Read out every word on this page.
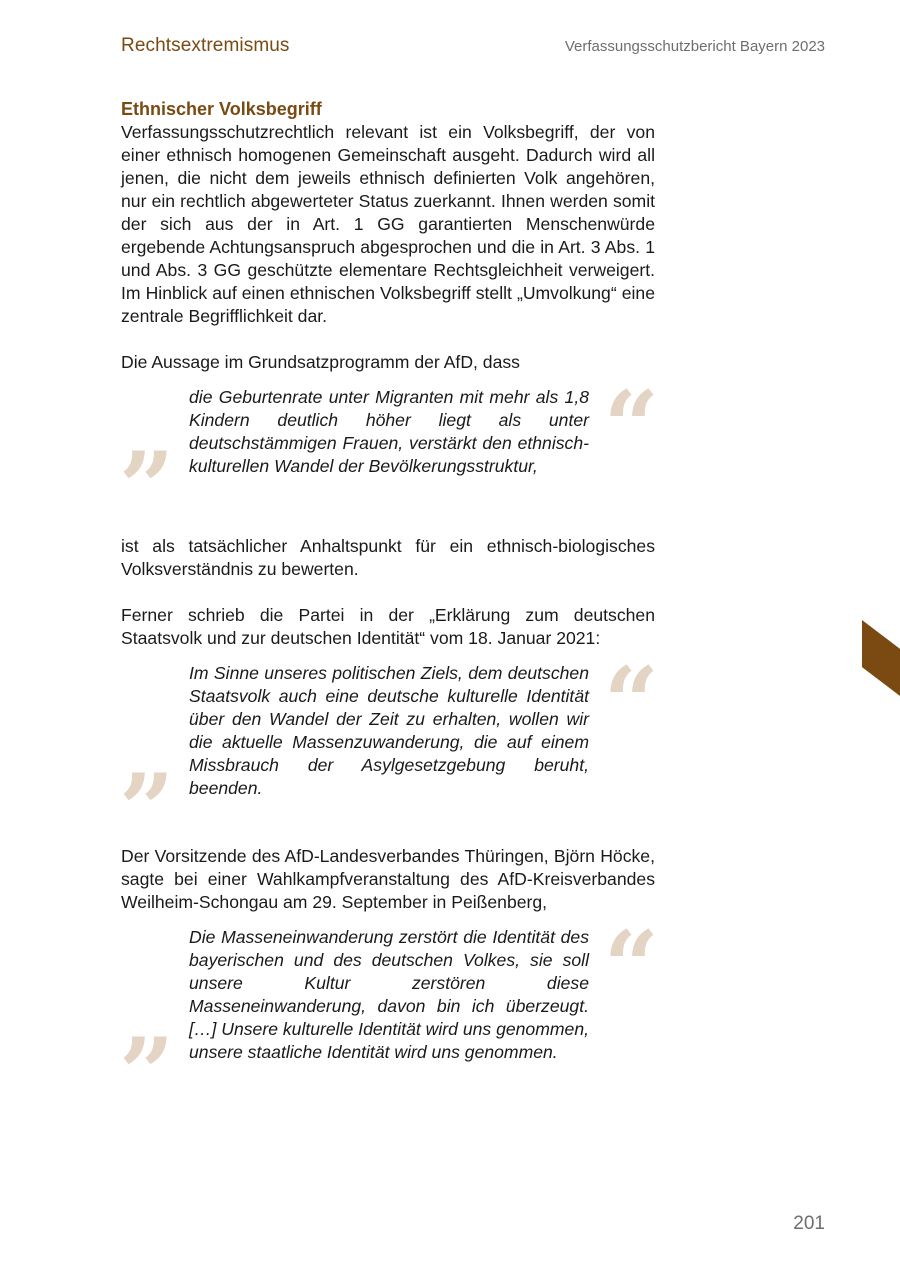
Rechtsextremismus	Verfassungsschutzbericht Bayern 2023
Ethnischer Volksbegriff

Verfassungsschutzrechtlich relevant ist ein Volksbegriff, der von einer ethnisch homogenen Gemeinschaft ausgeht. Dadurch wird all jenen, die nicht dem jeweils ethnisch definierten Volk angehören, nur ein rechtlich abgewerteter Status zuerkannt. Ihnen werden somit der sich aus der in Art. 1 GG garantierten Menschenwürde ergebende Achtungsanspruch abgesprochen und die in Art. 3 Abs. 1 und Abs. 3 GG geschützte elementare Rechtsgleichheit verweigert. Im Hinblick auf einen ethnischen Volksbegriff stellt „Umvolkung“ eine zentrale Begrifflichkeit dar.

Die Aussage im Grundsatzprogramm der AfD, dass

“
die Geburtenrate unter Migranten mit mehr als 1,8 Kindern deutlich höher liegt als unter deutschstämmigen Frauen, verstärkt den ethnisch-kulturellen Wandel der Bevölkerungsstruktur,
”

ist als tatsächlicher Anhaltspunkt für ein ethnisch-biologisches Volksverständnis zu bewerten.

Ferner schrieb die Partei in der „Erklärung zum deutschen Staatsvolk und zur deutschen Identität“ vom 18. Januar 2021:

“
Im Sinne unseres politischen Ziels, dem deutschen Staatsvolk auch eine deutsche kulturelle Identität über den Wandel der Zeit zu erhalten, wollen wir die aktuelle Massenzuwanderung, die auf einem Missbrauch der Asylgesetzgebung beruht, beenden.
”

Der Vorsitzende des AfD-Landesverbandes Thüringen, Björn Höcke, sagte bei einer Wahlkampfveranstaltung des AfD-Kreisverbandes Weilheim-Schongau am 29. September in Peißenberg,

“
Die Masseneinwanderung zerstört die Identität des bayerischen und des deutschen Volkes, sie soll unsere Kultur zerstören diese Masseneinwanderung, davon bin ich überzeugt. […] Unsere kulturelle Identität wird uns genommen, unsere staatliche Identität wird uns genommen.
”
201
